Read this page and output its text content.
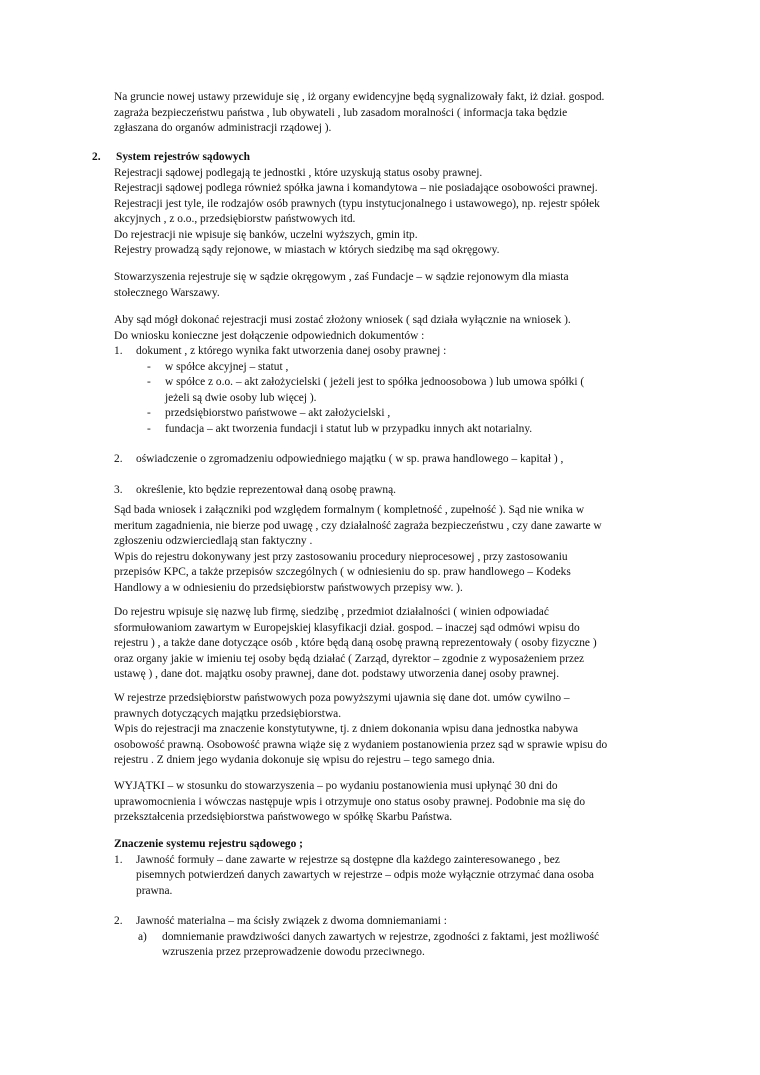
Na gruncie nowej ustawy przewiduje się , iż organy ewidencyjne będą sygnalizowały fakt, iż dział. gospod.

zagraża bezpieczeństwu państwa , lub obywateli , lub zasadom moralności ( informacja taka będzie

zgłaszana do organów administracji rządowej ).

2. System rejestrów sądowych

Rejestracji sądowej podlegają te jednostki , które uzyskują status osoby prawnej.

Rejestracji sądowej podlega również spółka jawna i komandytowa – nie posiadające osobowości prawnej.

Rejestracji jest tyle, ile rodzajów osób prawnych (typu instytucjonalnego i ustawowego), np. rejestr spółek

akcyjnych , z o.o., przedsiębiorstw państwowych itd.

Do rejestracji nie wpisuje się banków, uczelni wyższych, gmin itp.

Rejestry prowadzą sądy rejonowe, w miastach w których siedzibę ma sąd okręgowy.

Stowarzyszenia rejestruje się w sądzie okręgowym , zaś Fundacje – w sądzie rejonowym dla miasta

stołecznego Warszawy.

Aby sąd mógł dokonać rejestracji musi zostać złożony wniosek ( sąd działa wyłącznie na wniosek ).

Do wniosku konieczne jest dołączenie odpowiednich dokumentów :

1. dokument , z którego wynika fakt utworzenia danej osoby prawnej :
- w spółce akcyjnej – statut ,

- w spółce z o.o. – akt założycielski ( jeżeli jest to spółka jednoosobowa ) lub umowa spółki (

jeżeli są dwie osoby lub więcej ).

- przedsiębiorstwo państwowe – akt założycielski ,

- fundacja – akt tworzenia fundacji i statut lub w przypadku innych akt notarialny.

2. oświadczenie o zgromadzeniu odpowiedniego majątku ( w sp. prawa handlowego – kapitał ) ,
3. określenie, kto będzie reprezentował daną osobę prawną.

Sąd bada wniosek i załączniki pod względem formalnym ( kompletność , zupełność ). Sąd nie wnika w

meritum zagadnienia, nie bierze pod uwagę , czy działalność zagraża bezpieczeństwu , czy dane zawarte w

zgłoszeniu odzwierciedlają stan faktyczny .

Wpis do rejestru dokonywany jest przy zastosowaniu procedury nieprocesowej , przy zastosowaniu

przepisów KPC, a także przepisów szczególnych ( w odniesieniu do sp. praw handlowego – Kodeks

Handlowy a w odniesieniu do przedsiębiorstw państwowych przepisy ww. ).

Do rejestru wpisuje się nazwę lub firmę, siedzibę , przedmiot działalności ( winien odpowiadać

sformułowaniom zawartym w Europejskiej klasyfikacji dział. gospod. – inaczej sąd odmówi wpisu do

rejestru ) , a także dane dotyczące osób , które będą daną osobę prawną reprezentowały ( osoby fizyczne )

oraz organy jakie w imieniu tej osoby będą działać ( Zarząd, dyrektor – zgodnie z wyposażeniem przez

ustawę ) , dane dot. majątku osoby prawnej, dane dot. podstawy utworzenia danej osoby prawnej.

W rejestrze przedsiębiorstw państwowych poza powyższymi ujawnia się dane dot. umów cywilno –

prawnych dotyczących majątku przedsiębiorstwa.

Wpis do rejestracji ma znaczenie konstytutywne, tj. z dniem dokonania wpisu dana jednostka nabywa

osobowość prawną. Osobowość prawna wiąże się z wydaniem postanowienia przez sąd w sprawie wpisu do

rejestru . Z dniem jego wydania dokonuje się wpisu do rejestru – tego samego dnia.

WYJĄTKI – w stosunku do stowarzyszenia – po wydaniu postanowienia musi upłynąć 30 dni do

uprawomocnienia i wówczas następuje wpis i otrzymuje ono status osoby prawnej. Podobnie ma się do

przekształcenia przedsiębiorstwa państwowego w spółkę Skarbu Państwa.

Znaczenie systemu rejestru sądowego ;

1. Jawność formuły – dane zawarte w rejestrze są dostępne dla każdego zainteresowanego , bez

pisemnych potwierdzeń danych zawartych w rejestrze – odpis może wyłącznie otrzymać dana osoba

prawna.

2. Jawność materialna – ma ścisły związek z dwoma domniemaniami :
a) domniemanie prawdziwości danych zawartych w rejestrze, zgodności z faktami, jest możliwość

wzruszenia przez przeprowadzenie dowodu przeciwnego.
